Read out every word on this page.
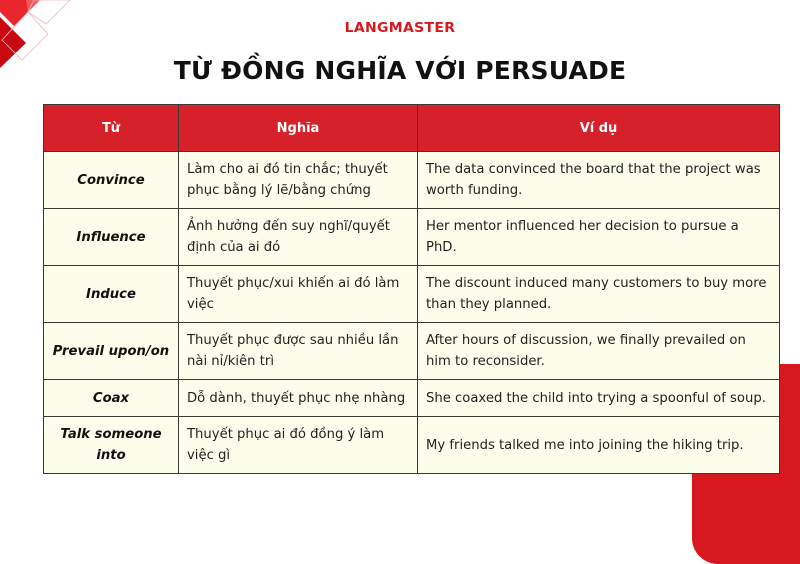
LANGMASTER
TỪ ĐỒNG NGHĨA VỚI PERSUADE
Từ	Nghĩa	Ví dụ
Convince	Làm cho ai đó tin chắc; thuyết phục bằng lý lẽ/bằng chứng	The data convinced the board that the project was worth funding.
Influence	Ảnh hưởng đến suy nghĩ/quyết định của ai đó	Her mentor influenced her decision to pursue a PhD.
Induce	Thuyết phục/xui khiến ai đó làm việc	The discount induced many customers to buy more than they planned.
Prevail upon/on	Thuyết phục được sau nhiều lần nài nỉ/kiên trì	After hours of discussion, we finally prevailed on him to reconsider.
Coax	Dỗ dành, thuyết phục nhẹ nhàng	She coaxed the child into trying a spoonful of soup.
Talk someone into	Thuyết phục ai đó đồng ý làm việc gì	My friends talked me into joining the hiking trip.
